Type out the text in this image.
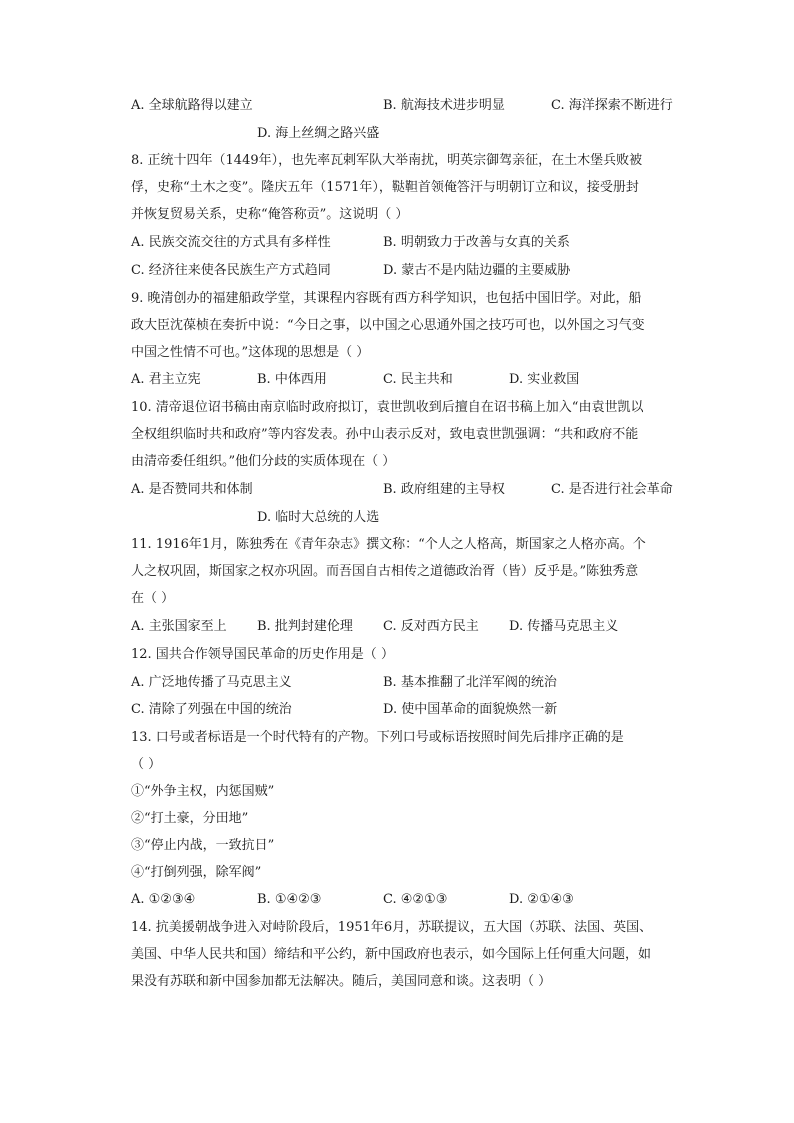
A. 全球航路得以建立	B. 航海技术进步明显	C. 海洋探索不断进行
D. 海上丝绸之路兴盛
8. 正统十四年（1449年），也先率瓦剌军队大举南扰，明英宗御驾亲征，在土木堡兵败被
俘，史称“土木之变”。隆庆五年（1571年），鞑靼首领俺答汗与明朝订立和议，接受册封
并恢复贸易关系，史称“俺答称贡”。这说明（ ）
A. 民族交流交往的方式具有多样性	B. 明朝致力于改善与女真的关系
C. 经济往来使各民族生产方式趋同	D. 蒙古不是内陆边疆的主要威胁
9. 晚清创办的福建船政学堂，其课程内容既有西方科学知识，也包括中国旧学。对此，船
政大臣沈葆桢在奏折中说：“今日之事，以中国之心思通外国之技巧可也，以外国之习气变
中国之性情不可也。”这体现的思想是（ ）
A. 君主立宪	B. 中体西用	C. 民主共和	D. 实业救国
10. 清帝退位诏书稿由南京临时政府拟订，袁世凯收到后擅自在诏书稿上加入“由袁世凯以
全权组织临时共和政府”等内容发表。孙中山表示反对，致电袁世凯强调：“共和政府不能
由清帝委任组织。”他们分歧的实质体现在（ ）
A. 是否赞同共和体制	B. 政府组建的主导权	C. 是否进行社会革命
D. 临时大总统的人选
11. 1916年1月，陈独秀在《青年杂志》撰文称：“个人之人格高，斯国家之人格亦高。个
人之权巩固，斯国家之权亦巩固。而吾国自古相传之道德政治胥（皆）反乎是。”陈独秀意
在（ ）
A. 主张国家至上 B. 批判封建伦理 C. 反对西方民主 D. 传播马克思主义
12. 国共合作领导国民革命的历史作用是（ ）
A. 广泛地传播了马克思主义	B. 基本推翻了北洋军阀的统治
C. 清除了列强在中国的统治	D. 使中国革命的面貌焕然一新
13. 口号或者标语是一个时代特有的产物。下列口号或标语按照时间先后排序正确的是
（ ）
①“外争主权，内惩国贼”
②“打土豪，分田地”
③“停止内战，一致抗日”
④“打倒列强，除军阀”
A. ①②③④	B. ①④②③	C. ④②①③	D. ②①④③
14. 抗美援朝战争进入对峙阶段后，1951年6月，苏联提议，五大国（苏联、法国、英国、
美国、中华人民共和国）缔结和平公约，新中国政府也表示，如今国际上任何重大问题，如
果没有苏联和新中国参加都无法解决。随后，美国同意和谈。这表明（ ）
